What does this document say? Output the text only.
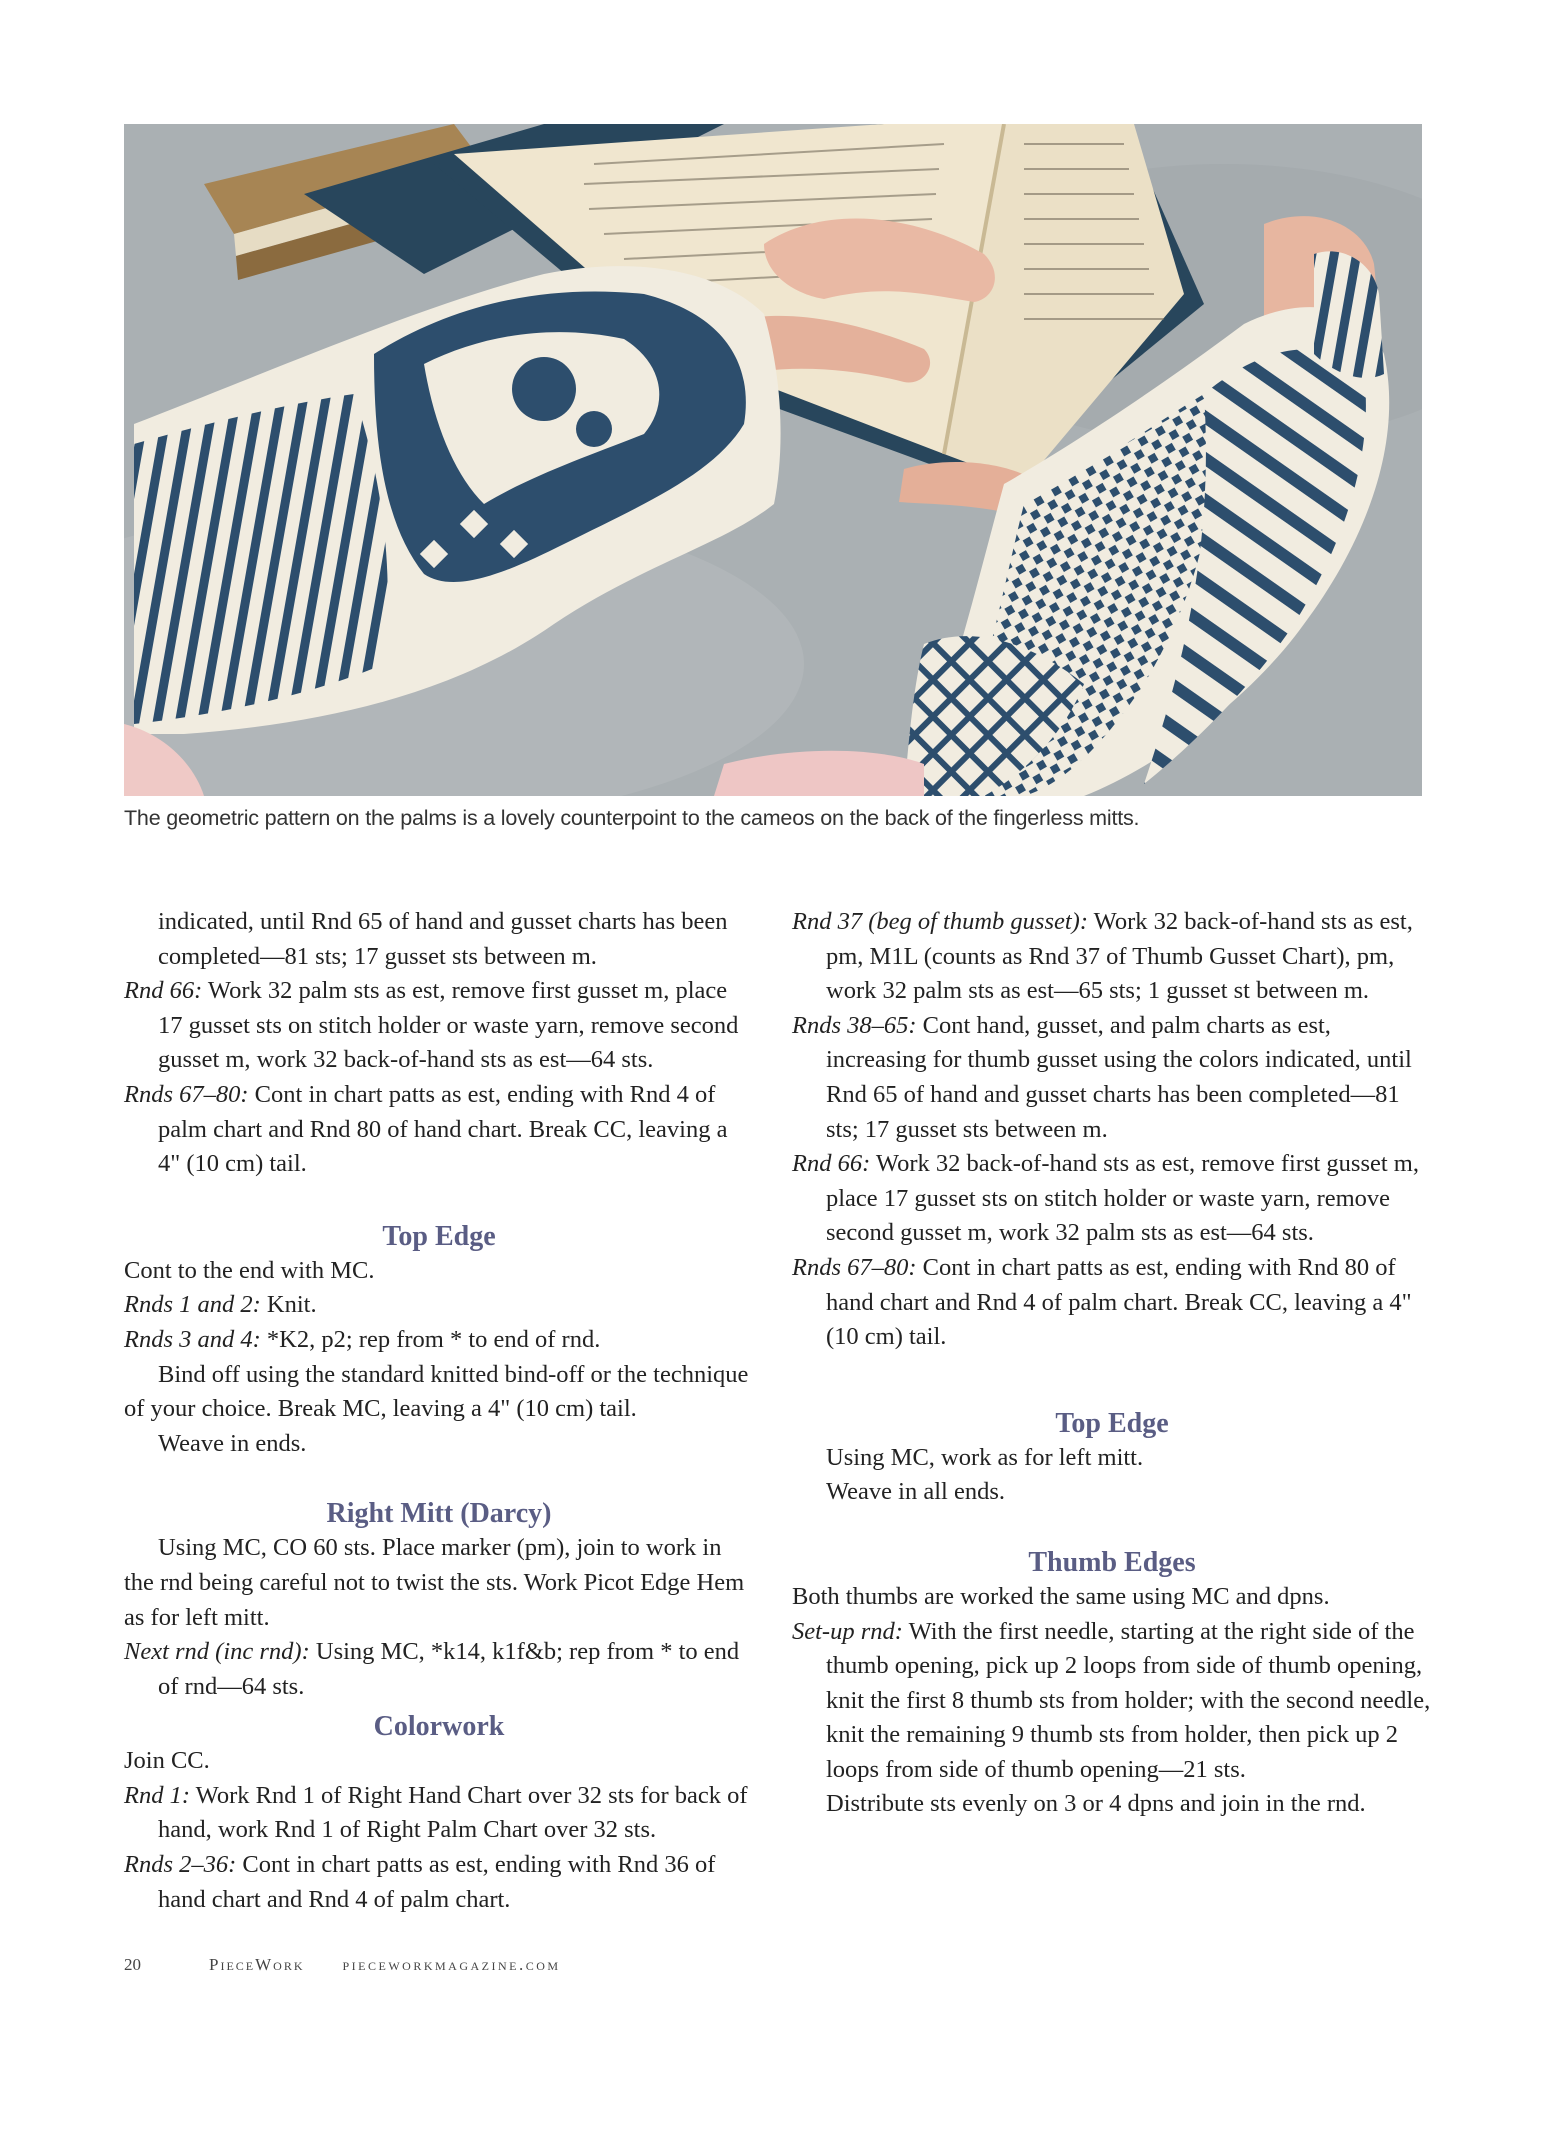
The geometric pattern on the palms is a lovely counterpoint to the cameos on the back of the fingerless mitts.

indicated, until Rnd 65 of hand and gusset charts has been completed—81 sts; 17 gusset sts between m.

Rnd 66: Work 32 palm sts as est, remove first gusset m, place 17 gusset sts on stitch holder or waste yarn, remove second gusset m, work 32 back-of-hand sts as est—64 sts.

Rnds 67–80: Cont in chart patts as est, ending with Rnd 4 of palm chart and Rnd 80 of hand chart. Break CC, leaving a 4" (10 cm) tail.

Top Edge

Cont to the end with MC.

Rnds 1 and 2: Knit.

Rnds 3 and 4: *K2, p2; rep from * to end of rnd.

Bind off using the standard knitted bind-off or the technique of your choice. Break MC, leaving a 4" (10 cm) tail.

Weave in ends.

Right Mitt (Darcy)

Using MC, CO 60 sts. Place marker (pm), join to work in the rnd being careful not to twist the sts. Work Picot Edge Hem as for left mitt.

Next rnd (inc rnd): Using MC, *k14, k1f&b; rep from * to end of rnd—64 sts.

Colorwork

Join CC.

Rnd 1: Work Rnd 1 of Right Hand Chart over 32 sts for back of hand, work Rnd 1 of Right Palm Chart over 32 sts.

Rnds 2–36: Cont in chart patts as est, ending with Rnd 36 of hand chart and Rnd 4 of palm chart.

Rnd 37 (beg of thumb gusset): Work 32 back-of-hand sts as est, pm, M1L (counts as Rnd 37 of Thumb Gusset Chart), pm, work 32 palm sts as est—65 sts; 1 gusset st between m.

Rnds 38–65: Cont hand, gusset, and palm charts as est, increasing for thumb gusset using the colors indicated, until Rnd 65 of hand and gusset charts has been completed—81 sts; 17 gusset sts between m.

Rnd 66: Work 32 back-of-hand sts as est, remove first gusset m, place 17 gusset sts on stitch holder or waste yarn, remove second gusset m, work 32 palm sts as est—64 sts.

Rnds 67–80: Cont in chart patts as est, ending with Rnd 80 of hand chart and Rnd 4 of palm chart. Break CC, leaving a 4" (10 cm) tail.

Top Edge

Using MC, work as for left mitt.

Weave in all ends.

Thumb Edges

Both thumbs are worked the same using MC and dpns.

Set-up rnd: With the first needle, starting at the right side of the thumb opening, pick up 2 loops from side of thumb opening, knit the first 8 thumb sts from holder; with the second needle, knit the remaining 9 thumb sts from holder, then pick up 2 loops from side of thumb opening—21 sts.

Distribute sts evenly on 3 or 4 dpns and join in the rnd.

20	PieceWork pieceworkmagazine.com
